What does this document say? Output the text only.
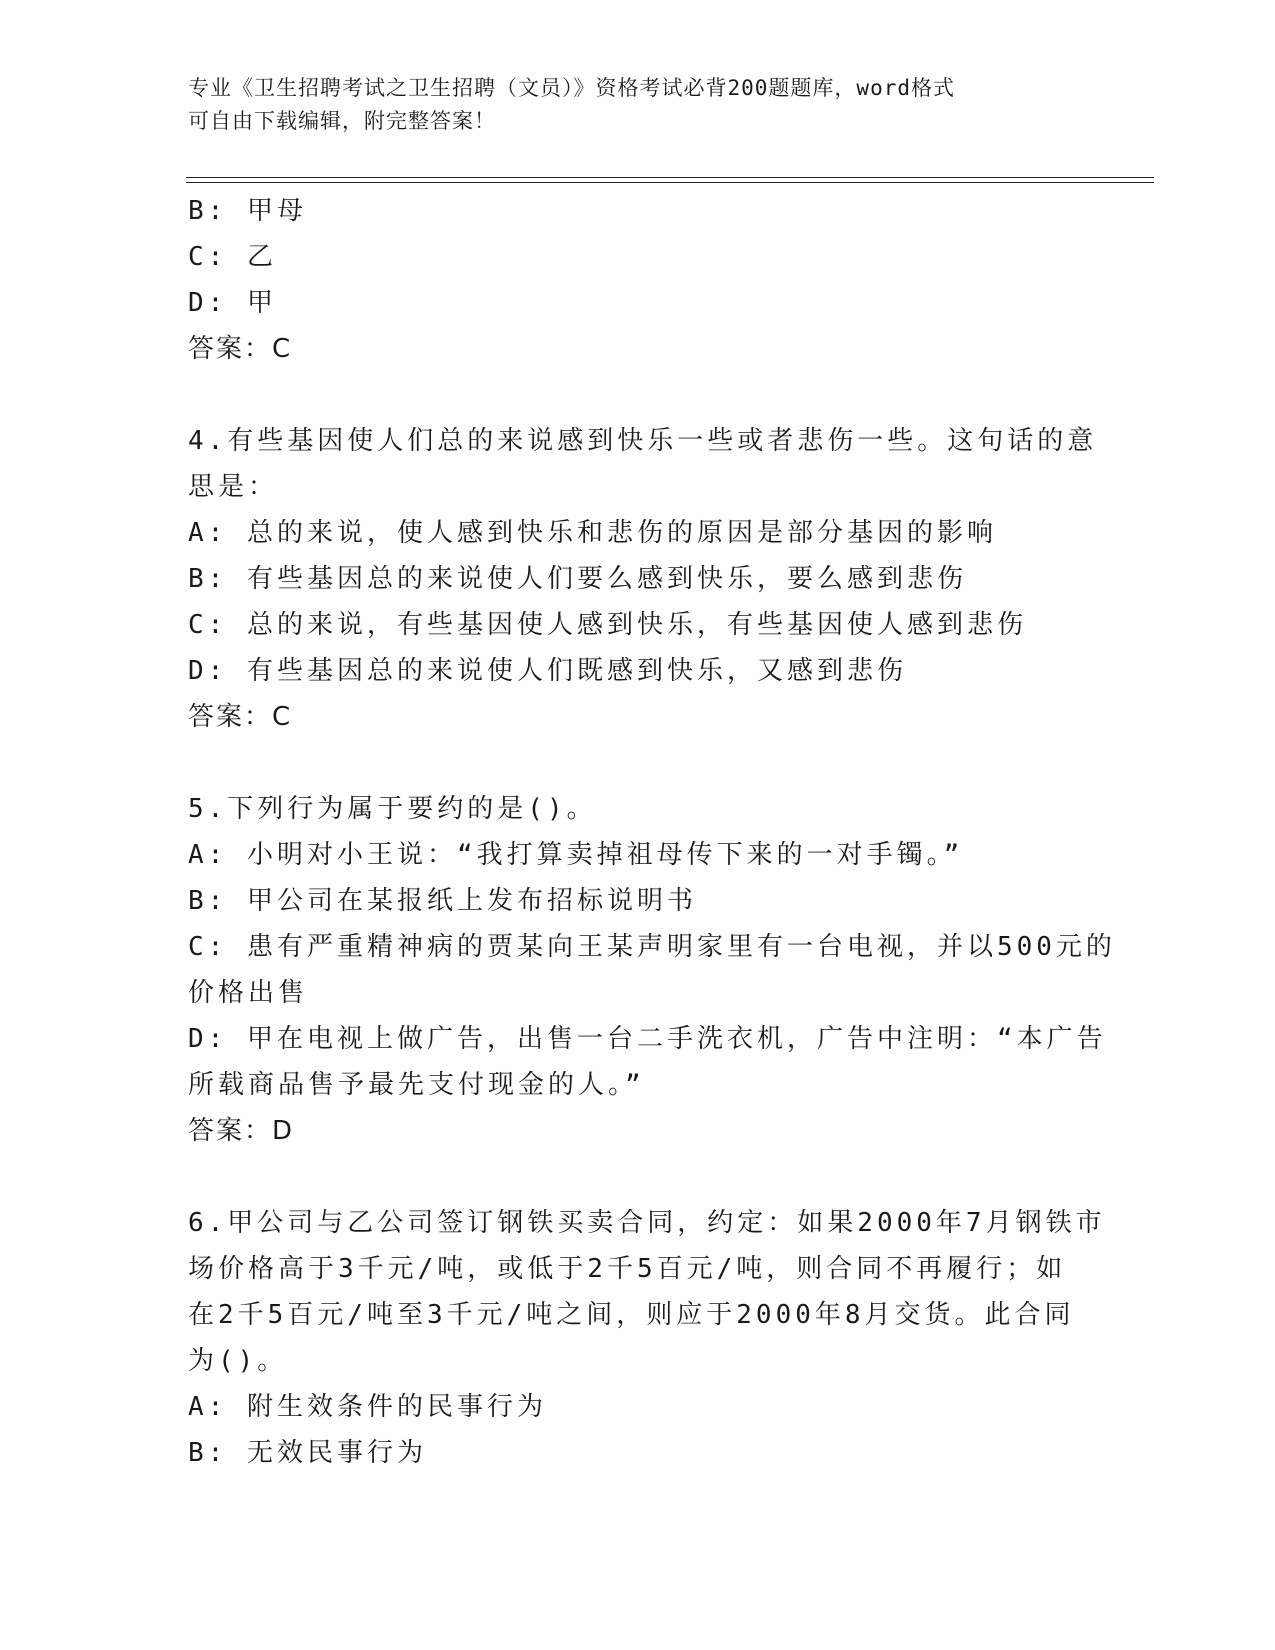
专业《卫生招聘考试之卫生招聘（文员）》资格考试必背200题题库，word格式
可自由下载编辑，附完整答案！
B: 甲母
C: 乙
D: 甲
答案：C
4.有些基因使人们总的来说感到快乐一些或者悲伤一些。这句话的意
思是：
A: 总的来说，使人感到快乐和悲伤的原因是部分基因的影响
B: 有些基因总的来说使人们要么感到快乐，要么感到悲伤
C: 总的来说，有些基因使人感到快乐，有些基因使人感到悲伤
D: 有些基因总的来说使人们既感到快乐，又感到悲伤
答案：C
5.下列行为属于要约的是()。
A: 小明对小王说：“我打算卖掉祖母传下来的一对手镯。”
B: 甲公司在某报纸上发布招标说明书
C: 患有严重精神病的贾某向王某声明家里有一台电视，并以500元的
价格出售
D: 甲在电视上做广告，出售一台二手洗衣机，广告中注明：“本广告
所载商品售予最先支付现金的人。”
答案：D
6.甲公司与乙公司签订钢铁买卖合同，约定：如果2000年7月钢铁市
场价格高于3千元/吨，或低于2千5百元/吨，则合同不再履行；如
在2千5百元/吨至3千元/吨之间，则应于2000年8月交货。此合同
为()。
A: 附生效条件的民事行为
B: 无效民事行为
